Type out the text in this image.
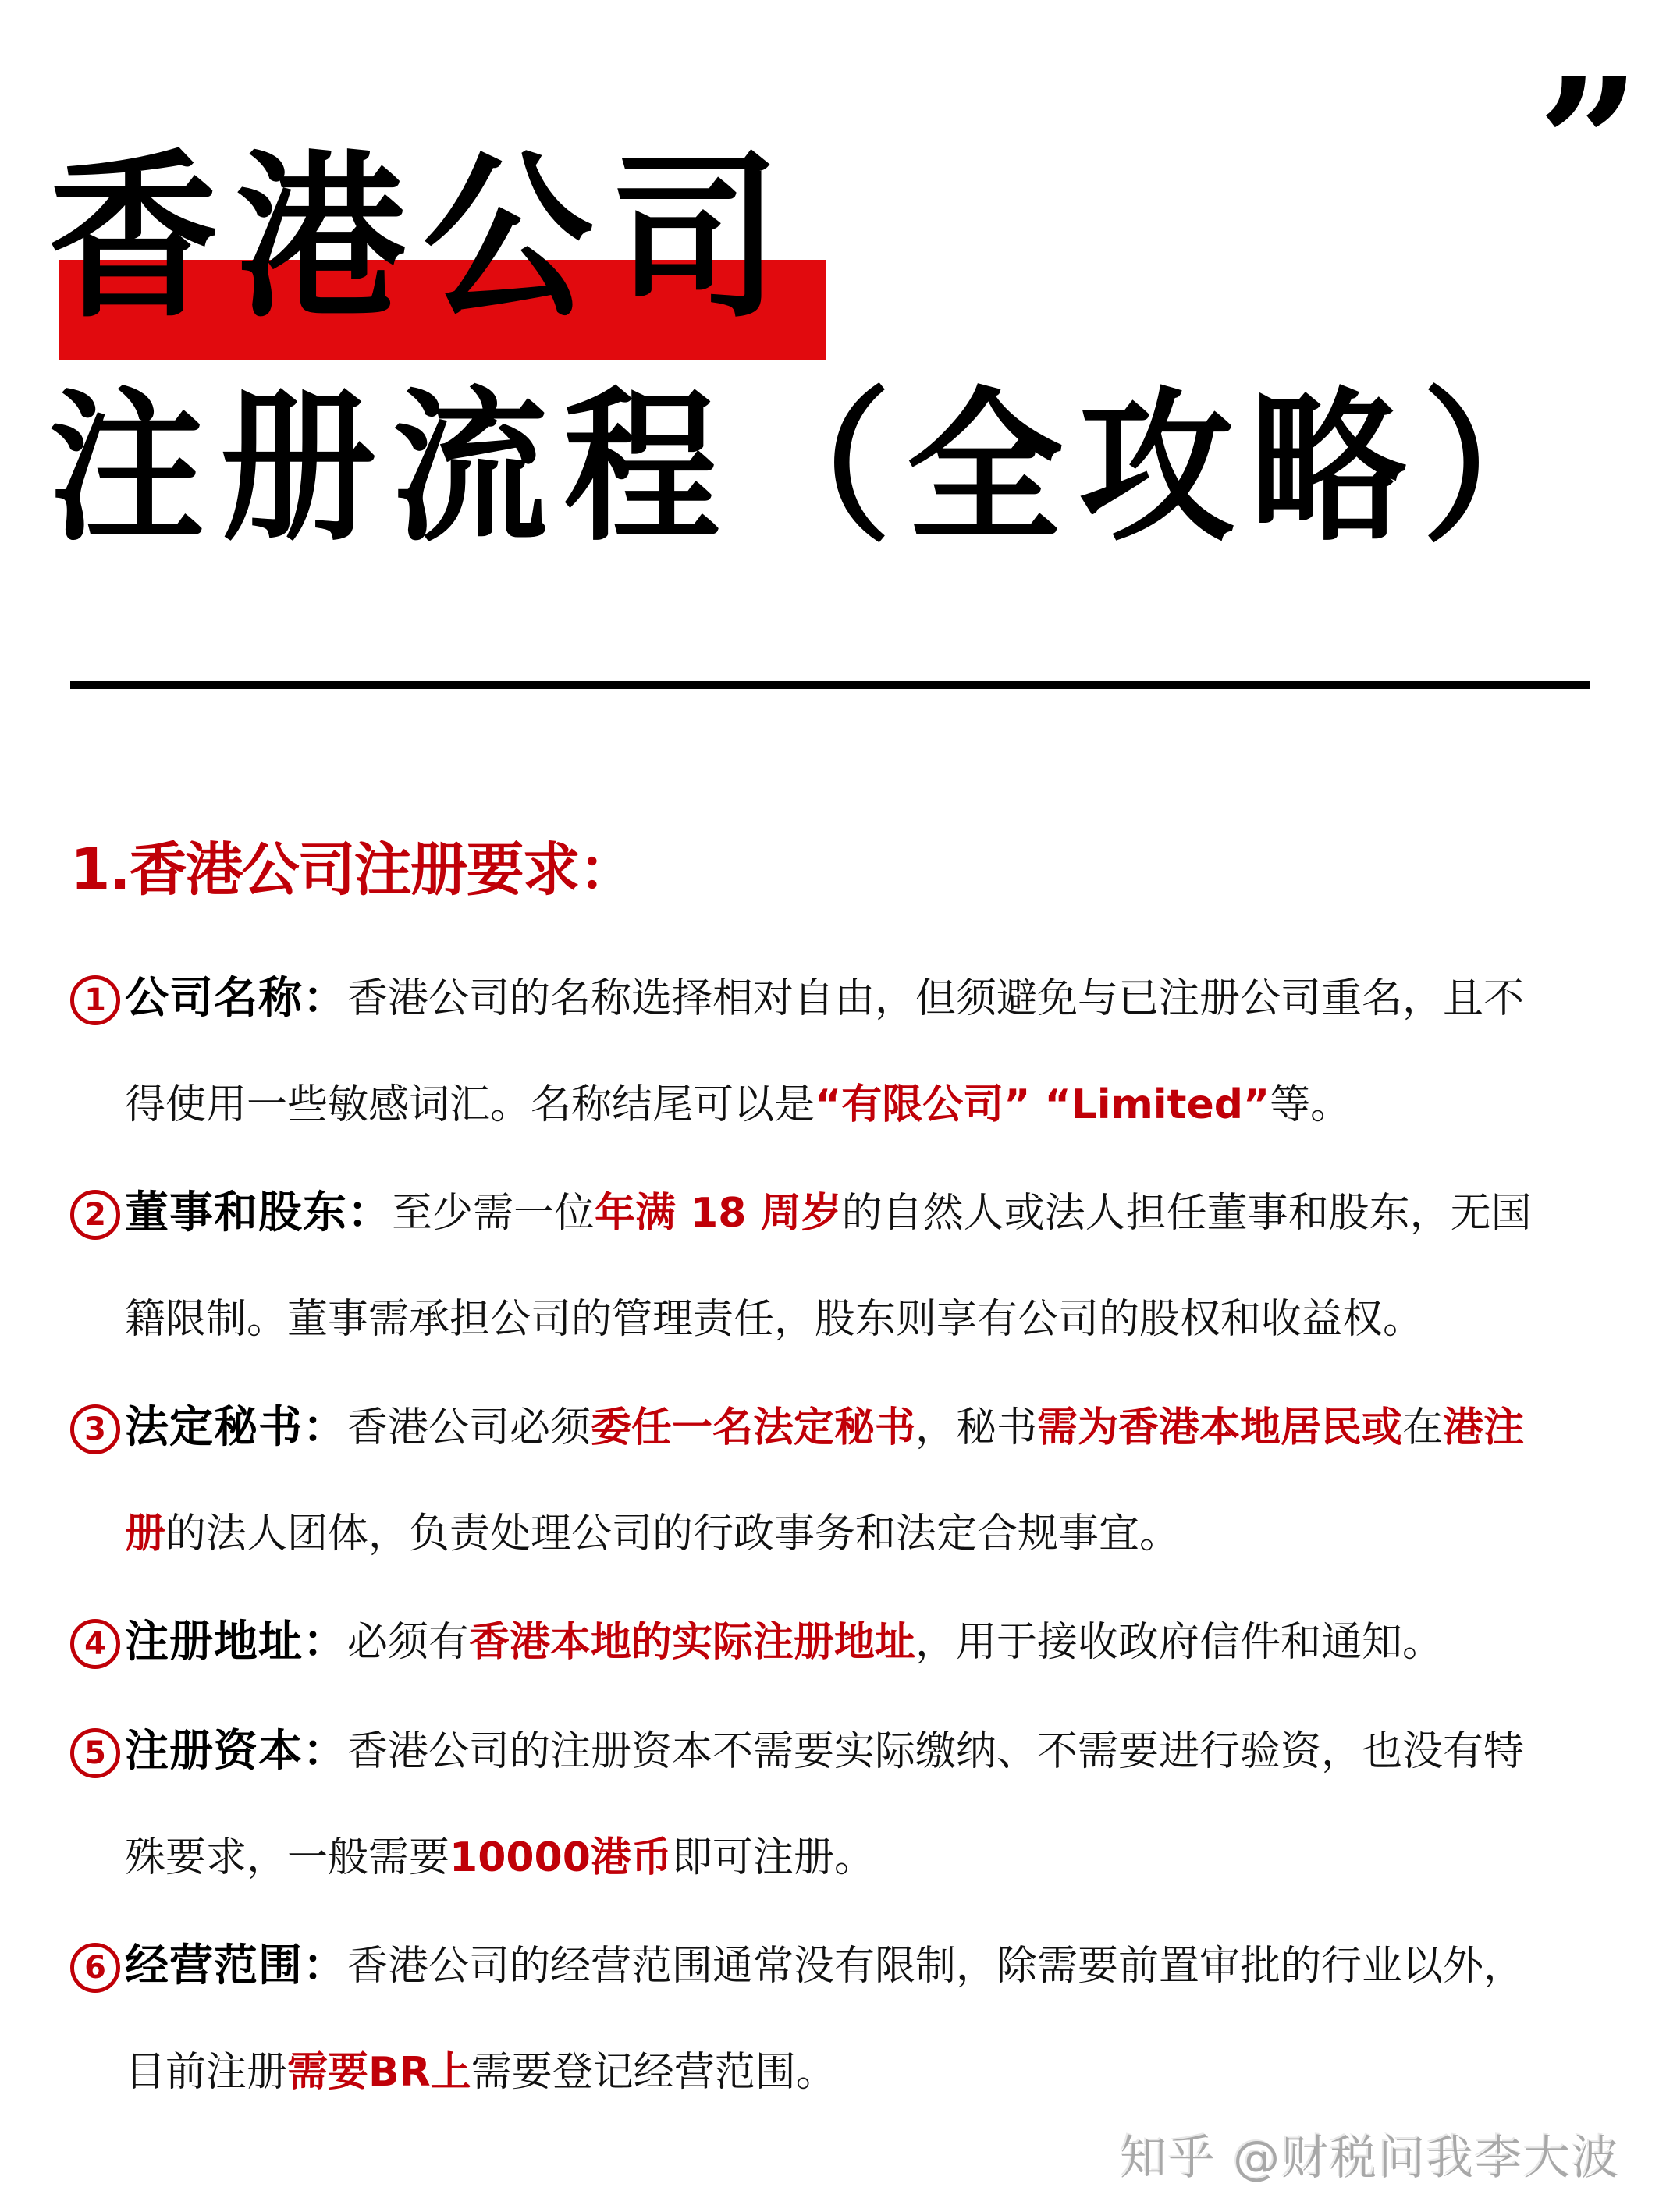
”
香港公司
注册流程（全攻略）
1.香港公司注册要求：
1 公司名称： 香港公司的名称选择相对自由，但须避免与已注册公司重名，且不
得使用一些敏感词汇。名称结尾可以是 “有限公司” “Limited” 等。
2 董事和股东： 至少需一位 年满 18 周岁 的自然人或法人担任董事和股东，无国
籍限制。董事需承担公司的管理责任，股东则享有公司的股权和收益权。
3 法定秘书： 香港公司必须 委任一名法定秘书 ，秘书 需为香港本地居民或 在 港注
册 的法人团体，负责处理公司的行政事务和法定合规事宜。
4 注册地址： 必须有 香港本地的实际注册地址 ，用于接收政府信件和通知。
5 注册资本： 香港公司的注册资本不需要实际缴纳、不需要进行验资，也没有特
殊要求，一般需要 10000港币 即可注册。
6 经营范围： 香港公司的经营范围通常没有限制，除需要前置审批的行业以外，
目前注册 需要BR上 需要登记经营范围。
知乎 @财税问我李大波
